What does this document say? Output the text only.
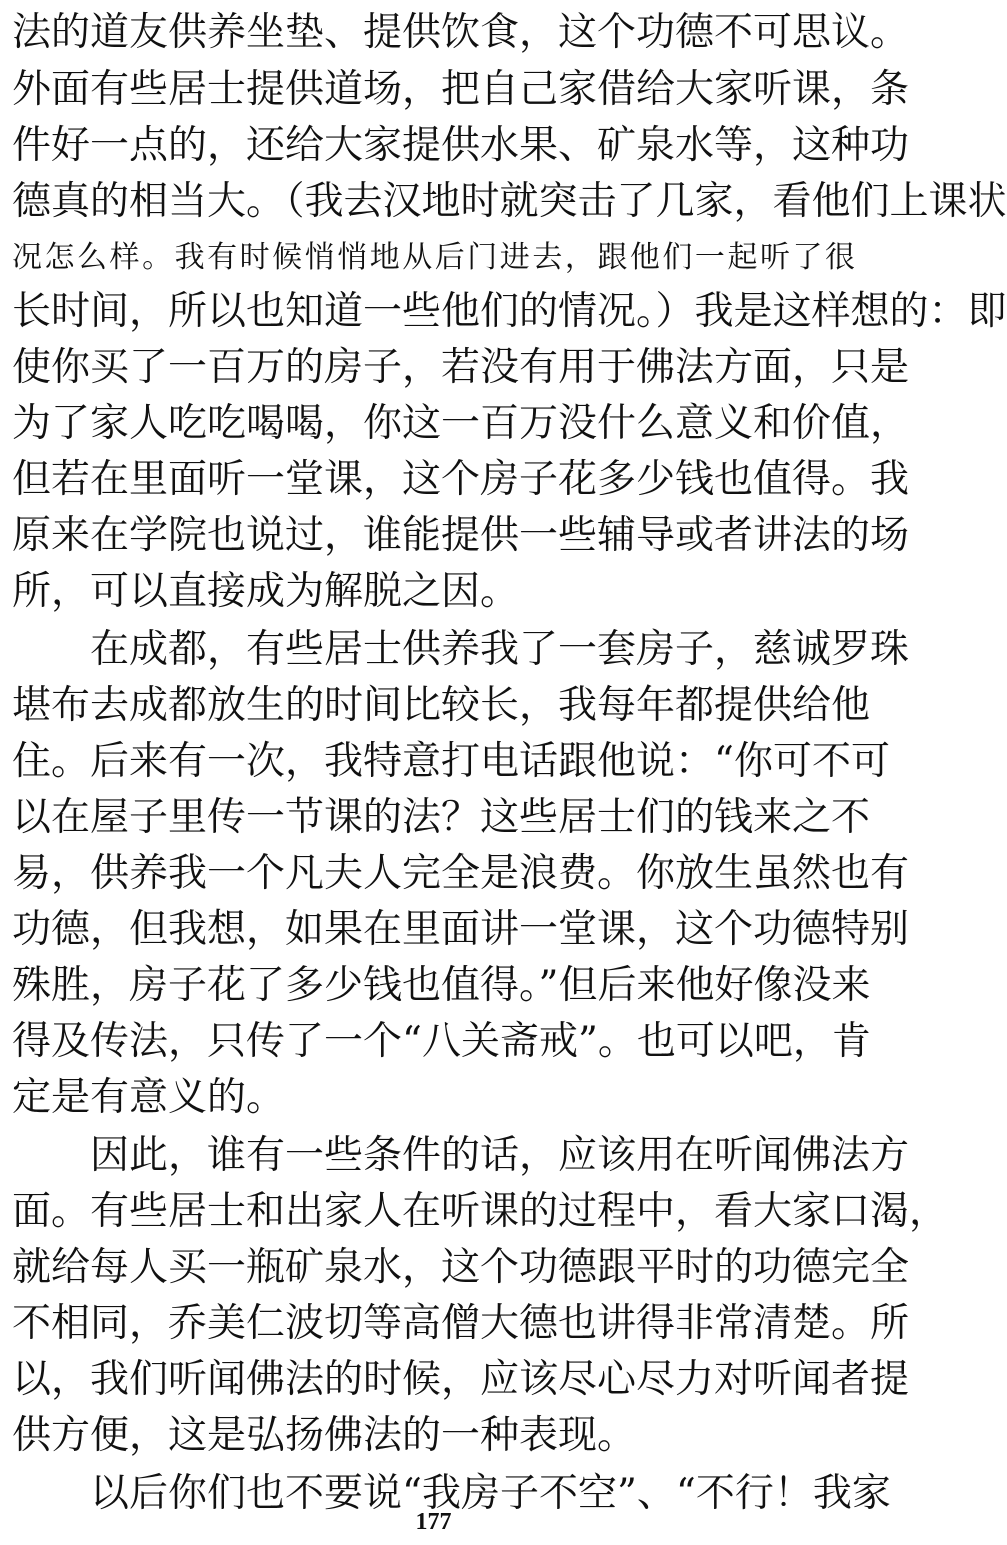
法的道友供养坐垫、提供饮食，这个功德不可思议。
外面有些居士提供道场，把自己家借给大家听课，条
件好一点的，还给大家提供水果、矿泉水等，这种功
德真的相当大。（我去汉地时就突击了几家，看他们上课状
况怎么样。我有时候悄悄地从后门进去，跟他们一起听了很
长时间，所以也知道一些他们的情况。）我是这样想的：即
使你买了一百万的房子，若没有用于佛法方面，只是
为了家人吃吃喝喝，你这一百万没什么意义和价值，
但若在里面听一堂课，这个房子花多少钱也值得。我
原来在学院也说过，谁能提供一些辅导或者讲法的场
所，可以直接成为解脱之因。
在成都，有些居士供养我了一套房子，慈诚罗珠
堪布去成都放生的时间比较长，我每年都提供给他
住。后来有一次，我特意打电话跟他说：“你可不可
以在屋子里传一节课的法？这些居士们的钱来之不
易，供养我一个凡夫人完全是浪费。你放生虽然也有
功德，但我想，如果在里面讲一堂课，这个功德特别
殊胜，房子花了多少钱也值得。”但后来他好像没来
得及传法，只传了一个“八关斋戒”。也可以吧，肯
定是有意义的。
因此，谁有一些条件的话，应该用在听闻佛法方
面。有些居士和出家人在听课的过程中，看大家口渴，
就给每人买一瓶矿泉水，这个功德跟平时的功德完全
不相同，乔美仁波切等高僧大德也讲得非常清楚。所
以，我们听闻佛法的时候，应该尽心尽力对听闻者提
供方便，这是弘扬佛法的一种表现。
以后你们也不要说“我房子不空”、“不行！我家
177
